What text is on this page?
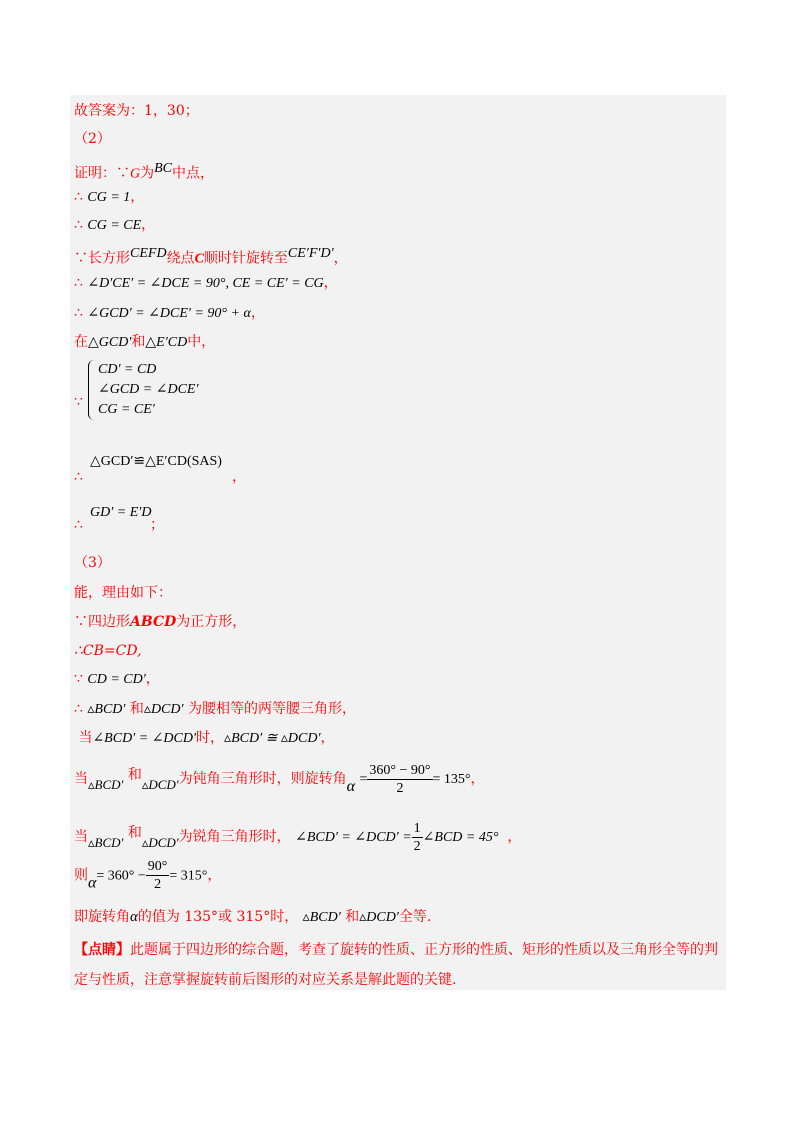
故答案为：1，30；
（2）
证明：∵G为$^{BC}$中点，
∴ CG = 1，
∴ CG = CE，
∵长方形$^{CEFD}$绕点C顺时针旋转至$^{CE'F'D'}$，
∴ ∠D′CE′ = ∠DCE = 90°, CE = CE′ = CG，
∴ ∠GCD′ = ∠DCE′ = 90° + α，
在△GCD′和△E′CD中，
CD′ = CD
∠GCD = ∠DCE′
CG = CE′
∵
△GCD′≌△E′CD(SAS)
∴	，
GD′ = E′D
∴	；
（3）
能，理由如下：
∵四边形ABCD为正方形，
∴CB=CD,
∵ CD = CD′，
∴ ▵BCD′ 和▵DCD′ 为腰相等的两等腰三角形，
当∠BCD′ = ∠DCD′时，▵BCD′ ≅ ▵DCD′，
当▵BCD′ 和▵DCD′为钝角三角形时，则旋转角$\alpha = \frac{360^\circ - 90^\circ}{2} = 135^\circ$，
当▵BCD′ 和▵DCD′为锐角三角形时， ∠BCD′ = ∠DCD′ = $\frac{1}{2}$ ∠BCD = 45° ，
则$\alpha= 360^\circ - \frac{90^\circ}{2} = 315^\circ$，
即旋转角α的值为 135°或 315°时， ▵BCD′ 和▵DCD′全等.
【点睛】此题属于四边形的综合题，考查了旋转的性质、正方形的性质、矩形的性质以及三角形全等的判定与性质，注意掌握旋转前后图形的对应关系是解此题的关键.
